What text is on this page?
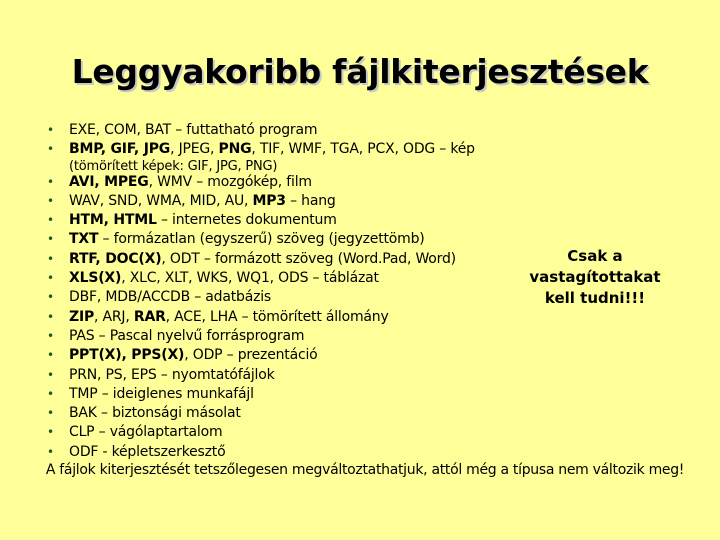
Leggyakoribb fájlkiterjesztések
• EXE, COM, BAT – futtatható program
• BMP, GIF, JPG, JPEG, PNG, TIF, WMF, TGA, PCX, ODG – kép
(tömörített képek: GIF, JPG, PNG)
• AVI, MPEG, WMV – mozgókép, film
• WAV, SND, WMA, MID, AU, MP3 – hang
• HTM, HTML – internetes dokumentum
• TXT – formázatlan (egyszerű) szöveg (jegyzettömb)
• RTF, DOC(X), ODT – formázott szöveg (Word.Pad, Word)
• XLS(X), XLC, XLT, WKS, WQ1, ODS – táblázat
• DBF, MDB/ACCDB – adatbázis
• ZIP, ARJ, RAR, ACE, LHA – tömörített állomány
• PAS – Pascal nyelvű forrásprogram
• PPT(X), PPS(X), ODP – prezentáció
• PRN, PS, EPS – nyomtatófájlok
• TMP – ideiglenes munkafájl
• BAK – biztonsági másolat
• CLP – vágólaptartalom
• ODF - képletszerkesztő
Csak a
vastagítottakat
kell tudni!!!
A fájlok kiterjesztését tetszőlegesen megváltoztathatjuk, attól még a típusa nem változik meg!
